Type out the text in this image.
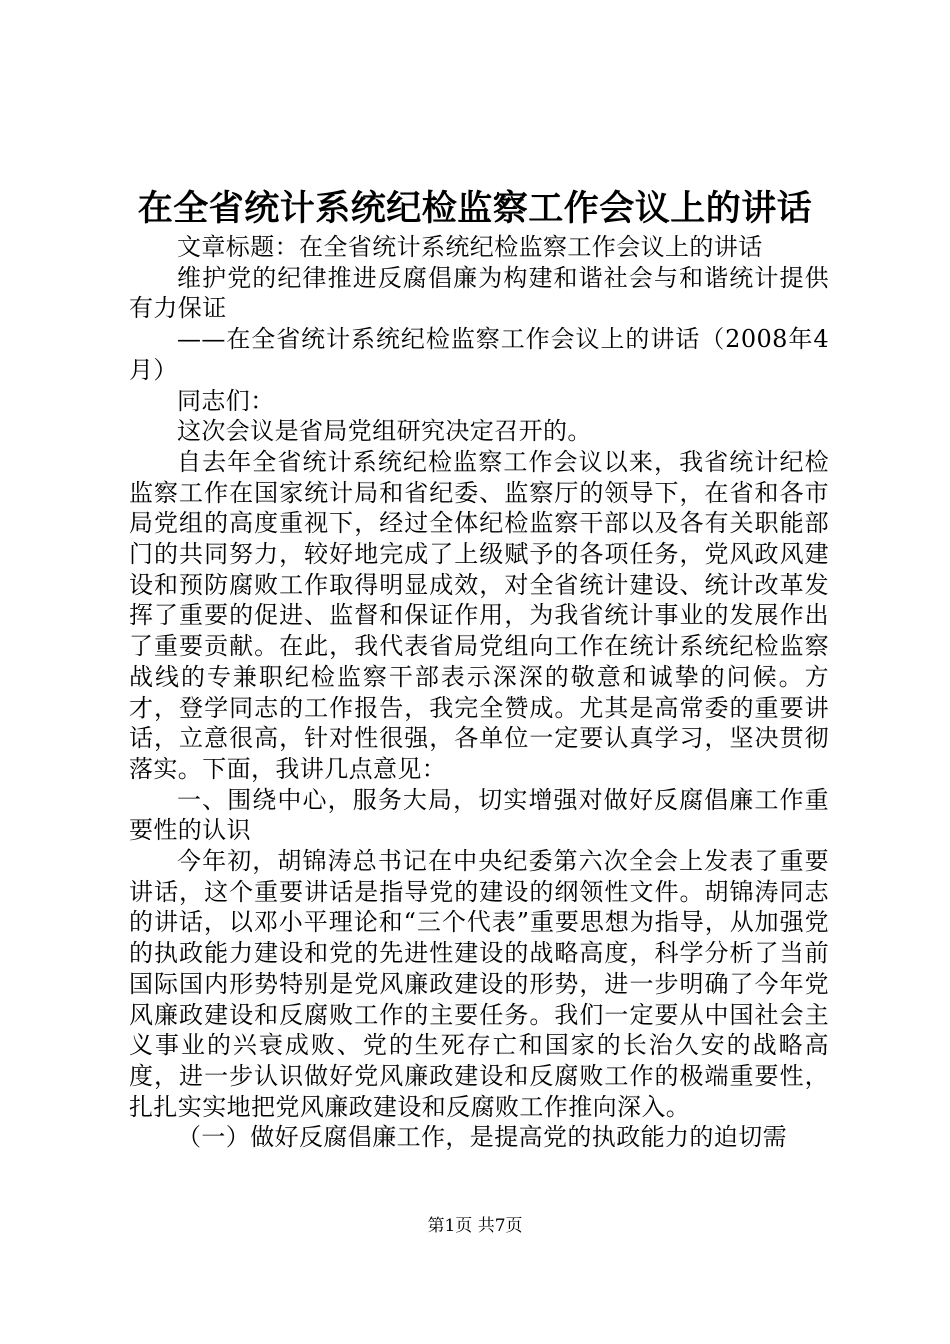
在全省统计系统纪检监察工作会议上的讲话

文章标题：在全省统计系统纪检监察工作会议上的讲话

维护党的纪律推进反腐倡廉为构建和谐社会与和谐统计提供有力保证

——在全省统计系统纪检监察工作会议上的讲话（2008年4月）

同志们：

这次会议是省局党组研究决定召开的。

自去年全省统计系统纪检监察工作会议以来，我省统计纪检监察工作在国家统计局和省纪委、监察厅的领导下，在省和各市局党组的高度重视下，经过全体纪检监察干部以及各有关职能部门的共同努力，较好地完成了上级赋予的各项任务，党风政风建设和预防腐败工作取得明显成效，对全省统计建设、统计改革发挥了重要的促进、监督和保证作用，为我省统计事业的发展作出了重要贡献。在此，我代表省局党组向工作在统计系统纪检监察战线的专兼职纪检监察干部表示深深的敬意和诚挚的问候。方才，登学同志的工作报告，我完全赞成。尤其是高常委的重要讲话，立意很高，针对性很强，各单位一定要认真学习，坚决贯彻落实。下面，我讲几点意见：

一、围绕中心，服务大局，切实增强对做好反腐倡廉工作重要性的认识

今年初，胡锦涛总书记在中央纪委第六次全会上发表了重要讲话，这个重要讲话是指导党的建设的纲领性文件。胡锦涛同志的讲话，以邓小平理论和“三个代表”重要思想为指导，从加强党的执政能力建设和党的先进性建设的战略高度，科学分析了当前国际国内形势特别是党风廉政建设的形势，进一步明确了今年党风廉政建设和反腐败工作的主要任务。我们一定要从中国社会主义事业的兴衰成败、党的生死存亡和国家的长治久安的战略高度，进一步认识做好党风廉政建设和反腐败工作的极端重要性，扎扎实实地把党风廉政建设和反腐败工作推向深入。

（一）做好反腐倡廉工作，是提高党的执政能力的迫切需

第1页 共7页
